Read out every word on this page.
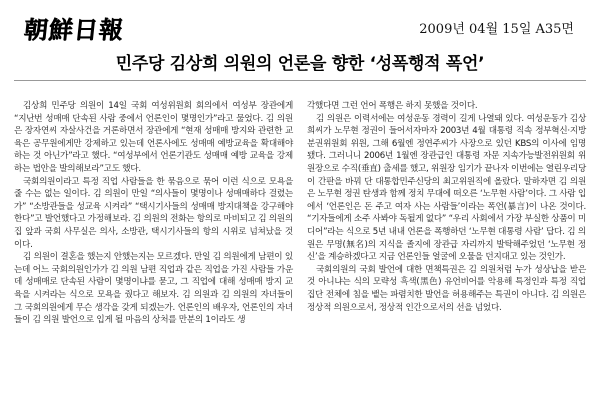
朝鮮日報	2009년 04월 15일 A35면
민주당 김상희 의원의 언론을 향한 ‘성폭행적 폭언’

김상희 민주당 의원이 14일 국회 여성위원회 회의에서 여성부 장관에게 “지난번 성매매 단속된 사람 중에서 언론인이 몇명인가”라고 물었다. 김 의원은 장자연씨 자살사건을 거론하면서 장관에게 “현재 성매매 방지와 관련한 교육은 공무원에게만 강제하고 있는데 언론사에도 성매매 예방교육을 확대해야 하는 것 아닌가”라고 했다. “여성부에서 언론기관도 성매매 예방 교육을 강제하는 법안을 발의해보라”고도 했다.

국회의원이라고 특정 직업 사람들을 한 묶음으로 묶어 이런 식으로 모욕을 줄 수는 없는 일이다. 김 의원이 만일 “의사들이 몇명이나 성매매하다 걸렸는가” “소방관들을 성교육 시켜라” “택시기사들의 성매매 방지대책을 강구해야 한다”고 발언했다고 가정해보라. 김 의원의 전화는 항의로 마비되고 김 의원의 집 앞과 국회 사무실은 의사, 소방관, 택시기사들의 항의 시위로 넘쳐났을 것이다.

김 의원이 결혼을 했는지 안했는지는 모르겠다. 만일 김 의원에게 남편이 있는데 어느 국회의원인가가 김 의원 남편 직업과 같은 직업을 가진 사람들 가운데 성매매로 단속된 사람이 몇명이냐를 묻고, 그 직업에 대해 성매매 방지 교육을 시켜라는 식으로 모욕을 줬다고 해보자. 김 의원과 김 의원의 자녀들이 그 국회의원에게 무슨 생각을 갖게 되겠는가. 언론인의 배우자, 언론인의 자녀들이 김 의원 발언으로 입게 될 마음의 상처를 만분의 1이라도 생

각했다면 그런 언어 폭행은 하지 못했을 것이다.

김 의원은 이력서에는 여성운동 경력이 길게 나열돼 있다. 여성운동가 김상희씨가 노무현 정권이 들어서자마자 2003년 4월 대통령 직속 정부혁신·지방분권위원회 위원, 그해 6월엔 정연주씨가 사장으로 있던 KBS의 이사에 임명됐다. 그러니니 2006년 1월엔 장관급인 대통령 자문 지속가능발전위원회 위원장으로 수직(垂直) 출세를 했고, 위원장 임기가 끝나자 이번에는 열린우리당이 간판을 바꿔 단 대통합민주신당의 최고위원직에 올랐다. 말하자면 김 의원은 노무현 정권 탄생과 함께 정치 무대에 떠오른 ‘노무현 사람’이다. 그 사람 입에서 ‘언론인은 돈 주고 여자 사는 사람들’이라는 폭언(暴言)이 나온 것이다. “기자들에게 소주 사봐야 독될게 없다” “우리 사회에서 가장 부실한 상품이 미디어”라는 식으로 5년 내내 언론을 폭행하던 ‘노무현 대통령 사람’ 답다. 김 의원은 무명(無名)의 지식을 졸지에 장관급 자리까지 발탁해주었던 ‘노무현 정신’을 계승하겠다고 지금 언론인들 얼굴에 오물을 던지대고 있는 것인가.

국회의원의 국회 발언에 대한 면책특권은 김 의원처럼 누가 성상납을 받은 것 아니냐는 식의 모략성 흑색(黑色) 유언비어를 악용해 특정인과 특정 직업 집단 전체에 침을 뱉는 파렴치한 발언을 허용해주는 특권이 아니다. 김 의원은 정상적 의원으로서, 정상적 인간으로서의 선을 넘었다.
